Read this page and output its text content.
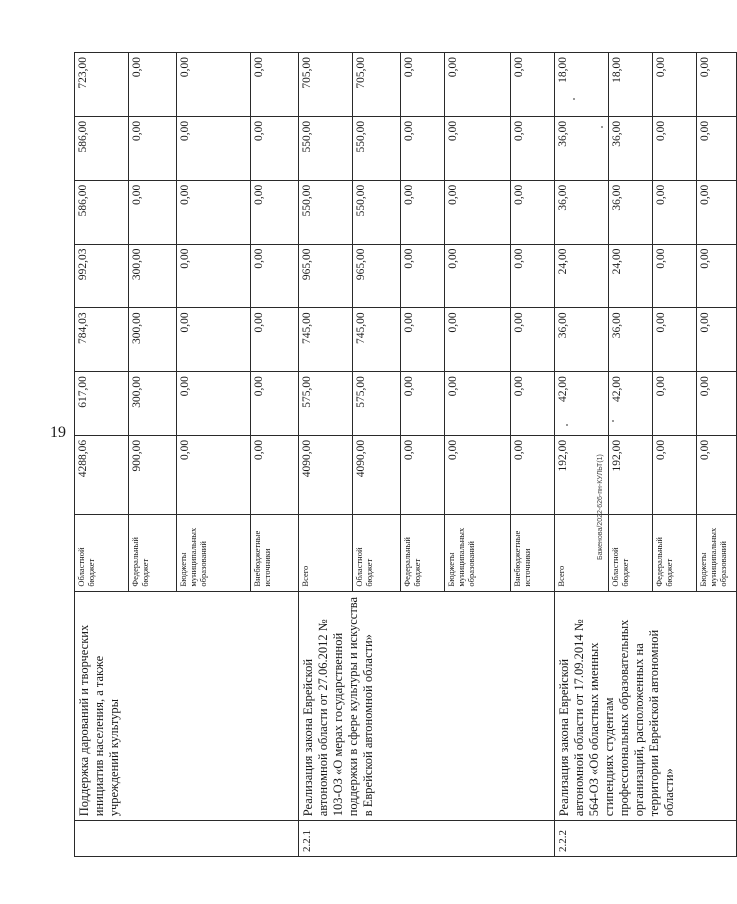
19
	Поддержка дарований и творческих инициатив населения, а также учреждений культуры	Областной бюджет	4288,06	617,00	784,03	992,03	586,00	586,00	723,00
		Федеральный бюджет	900,00	300,00	300,00	300,00	0,00	0,00	0,00
		Бюджеты муниципальных образований	0,00	0,00	0,00	0,00	0,00	0,00	0,00
		Внебюджетные источники	0,00	0,00	0,00	0,00	0,00	0,00	0,00
2.2.1	Реализация закона Еврейской автономной области от 27.06.2012 № 103-ОЗ «О мерах государственной поддержки в сфере культуры и искусства в Еврейской автономной области»	Всего	4090,00	575,00	745,00	965,00	550,00	550,00	705,00
		Областной бюджет	4090,00	575,00	745,00	965,00	550,00	550,00	705,00
		Федеральный бюджет	0,00	0,00	0,00	0,00	0,00	0,00	0,00
		Бюджеты муниципальных образований	0,00	0,00	0,00	0,00	0,00	0,00	0,00
		Внебюджетные источники	0,00	0,00	0,00	0,00	0,00	0,00	0,00
2.2.2	Реализация закона Еврейской автономной области от 17.09.2014 № 564-ОЗ «Об областных именных стипендиях студентам профессиональных образовательных организаций, расположенных на территории Еврейской автономной области»	Всего	192,00	42,00	36,00	24,00	36,00	36,00	18,00
		Областной бюджет	192,00	42,00	36,00	24,00	36,00	36,00	18,00
		Федеральный бюджет	0,00	0,00	0,00	0,00	0,00	0,00	0,00
		Бюджеты муниципальных образований	0,00	0,00	0,00	0,00	0,00	0,00	0,00
Баженова/2022-626-пн-КУЛЬТ(1)
